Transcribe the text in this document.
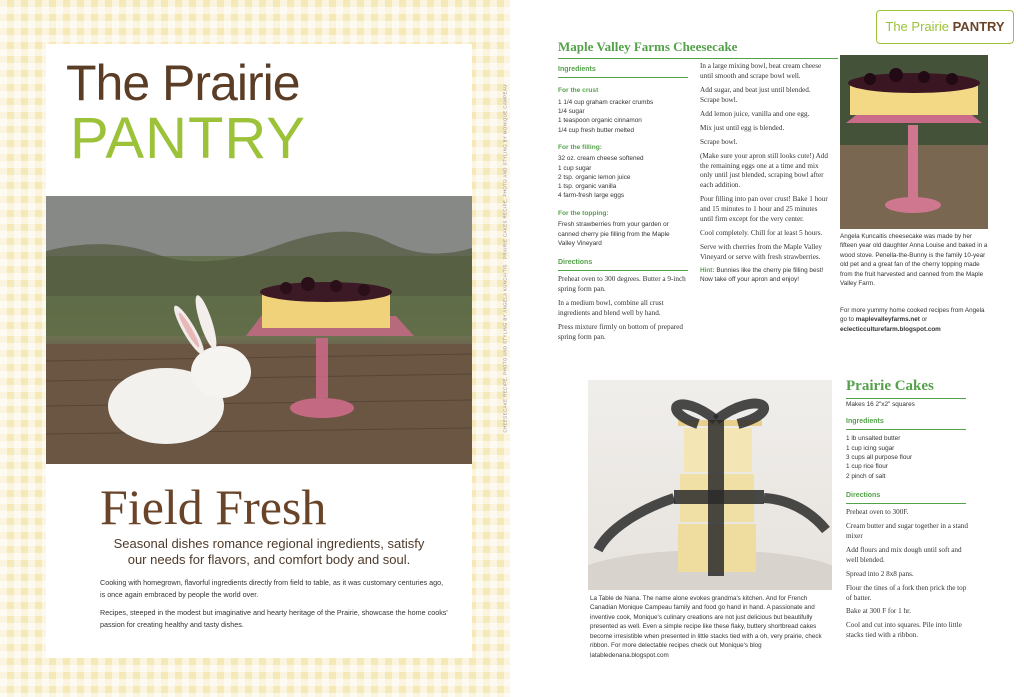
The Prairie
PANTRY
Field Fresh
Seasonal dishes romance regional ingredients, satisfy our needs for flavors, and comfort body and soul.
Cooking with homegrown, flavorful ingredients directly from field to table, as it was customary centuries ago, is once again embraced by people the world over.
Recipes, steeped in the modest but imaginative and hearty heritage of the Prairie, showcase the home cooks' passion for creating healthy and tasty dishes.
The Prairie PANTRY
Maple Valley Farms Cheesecake
Ingredients
For the crust

1 1/4 cup graham cracker crumbs

1/4 sugar

1 teaspoon organic cinnamon

1/4 cup fresh butter melted

For the filling:

32 oz. cream cheese softened

1 cup sugar

2 tsp. organic lemon juice

1 tsp. organic vanilla

4 farm-fresh large eggs

For the topping:

Fresh strawberries from your garden or canned cherry pie filling from the Maple Valley Vineyard

Directions

Preheat oven to 300 degrees. Butter a 9-inch spring form pan.

In a medium bowl, combine all crust ingredients and blend well by hand.

Press mixture firmly on bottom of prepared spring form pan.

In a large mixing bowl, beat cream cheese until smooth and scrape bowl well.

Add sugar, and beat just until blended. Scrape bowl.

Add lemon juice, vanilla and one egg.

Mix just until egg is blended.

Scrape bowl.

(Make sure your apron still looks cute!) Add the remaining eggs one at a time and mix only until just blended, scraping bowl after each addition.

Pour filling into pan over crust! Bake 1 hour and 15 minutes to 1 hour and 25 minutes until firm except for the very center.

Cool completely. Chill for at least 5 hours.

Serve with cherries from the Maple Valley Vineyard or serve with fresh strawberries.

Hint: Bunnies like the cherry pie filling best! Now take off your apron and enjoy!

Angela Kuncaitis cheesecake was made by her fifteen year old daughter Anna Louise and baked in a wood stove. Penella-the-Bunny is the family 10-year old pet and a great fan of the cherry topping made from the fruit harvested and canned from the Maple Valley Farm.
For more yummy home cooked recipes from Angela go to maplevalleyfarms.net or eclecticculturefarm.blogspot.com
CHEESECAKE RECIPE, PHOTO AND STYLING BY ANGELA KUNCAITIS · PRAIRIE CAKES RECIPE, PHOTO AND STYLING BY MONIQUE CAMPEAU
La Table de Nana. The name alone evokes grandma's kitchen. And for French Canadian Monique Campeau family and food go hand in hand. A passionate and inventive cook, Monique's culinary creations are not just delicious but beautifully presented as well. Even a simple recipe like these flaky, buttery shortbread cakes become irresistible when presented in little stacks tied with a oh, very prairie, check ribbon. For more delectable recipes check out Monique's blog latabledenana.blogspot.com
Prairie Cakes

Makes 16 2"x2" squares

Ingredients

1 lb unsalted butter

1 cup icing sugar

3 cups all purpose flour

1 cup rice flour

2 pinch of salt

Directions

Preheat oven to 300F.

Cream butter and sugar together in a stand mixer

Add flours and mix dough until soft and well blended.

Spread into 2 8x8 pans.

Flour the tines of a fork then prick the top of batter.

Bake at 300 F for 1 hr.

Cool and cut into squares. Pile into little stacks tied with a ribbon.
